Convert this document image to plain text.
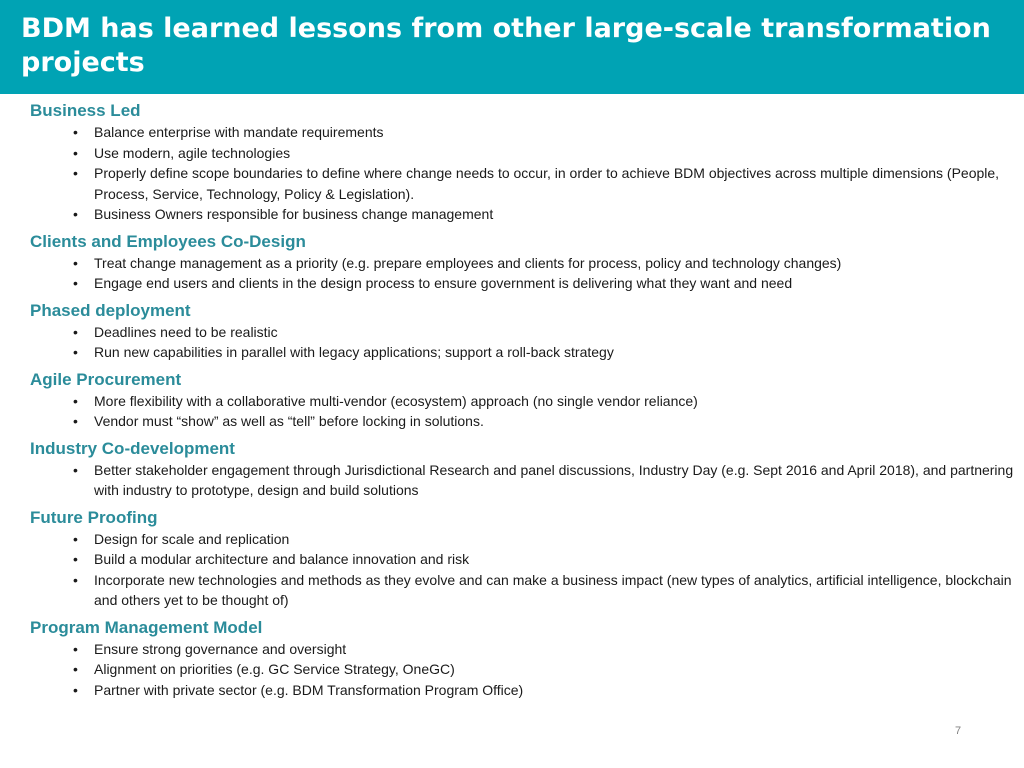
BDM has learned lessons from other large-scale transformation projects
Business Led
• Balance enterprise with mandate requirements
• Use modern, agile technologies
• Properly define scope boundaries to define where change needs to occur, in order to achieve BDM objectives across multiple dimensions (People, Process, Service, Technology, Policy & Legislation).
• Business Owners responsible for business change management
Clients and Employees Co-Design
• Treat change management as a priority (e.g. prepare employees and clients for process, policy and technology changes)
• Engage end users and clients in the design process to ensure government is delivering what they want and need
Phased deployment
• Deadlines need to be realistic
• Run new capabilities in parallel with legacy applications; support a roll-back strategy
Agile Procurement
• More flexibility with a collaborative multi-vendor (ecosystem) approach (no single vendor reliance)
• Vendor must “show” as well as “tell” before locking in solutions.
Industry Co-development
• Better stakeholder engagement through Jurisdictional Research and panel discussions, Industry Day (e.g. Sept 2016 and April 2018), and partnering with industry to prototype, design and build solutions
Future Proofing
• Design for scale and replication
• Build a modular architecture and balance innovation and risk
• Incorporate new technologies and methods as they evolve and can make a business impact (new types of analytics, artificial intelligence, blockchain and others yet to be thought of)
Program Management Model
• Ensure strong governance and oversight
• Alignment on priorities (e.g. GC Service Strategy, OneGC)
• Partner with private sector (e.g. BDM Transformation Program Office)
7
